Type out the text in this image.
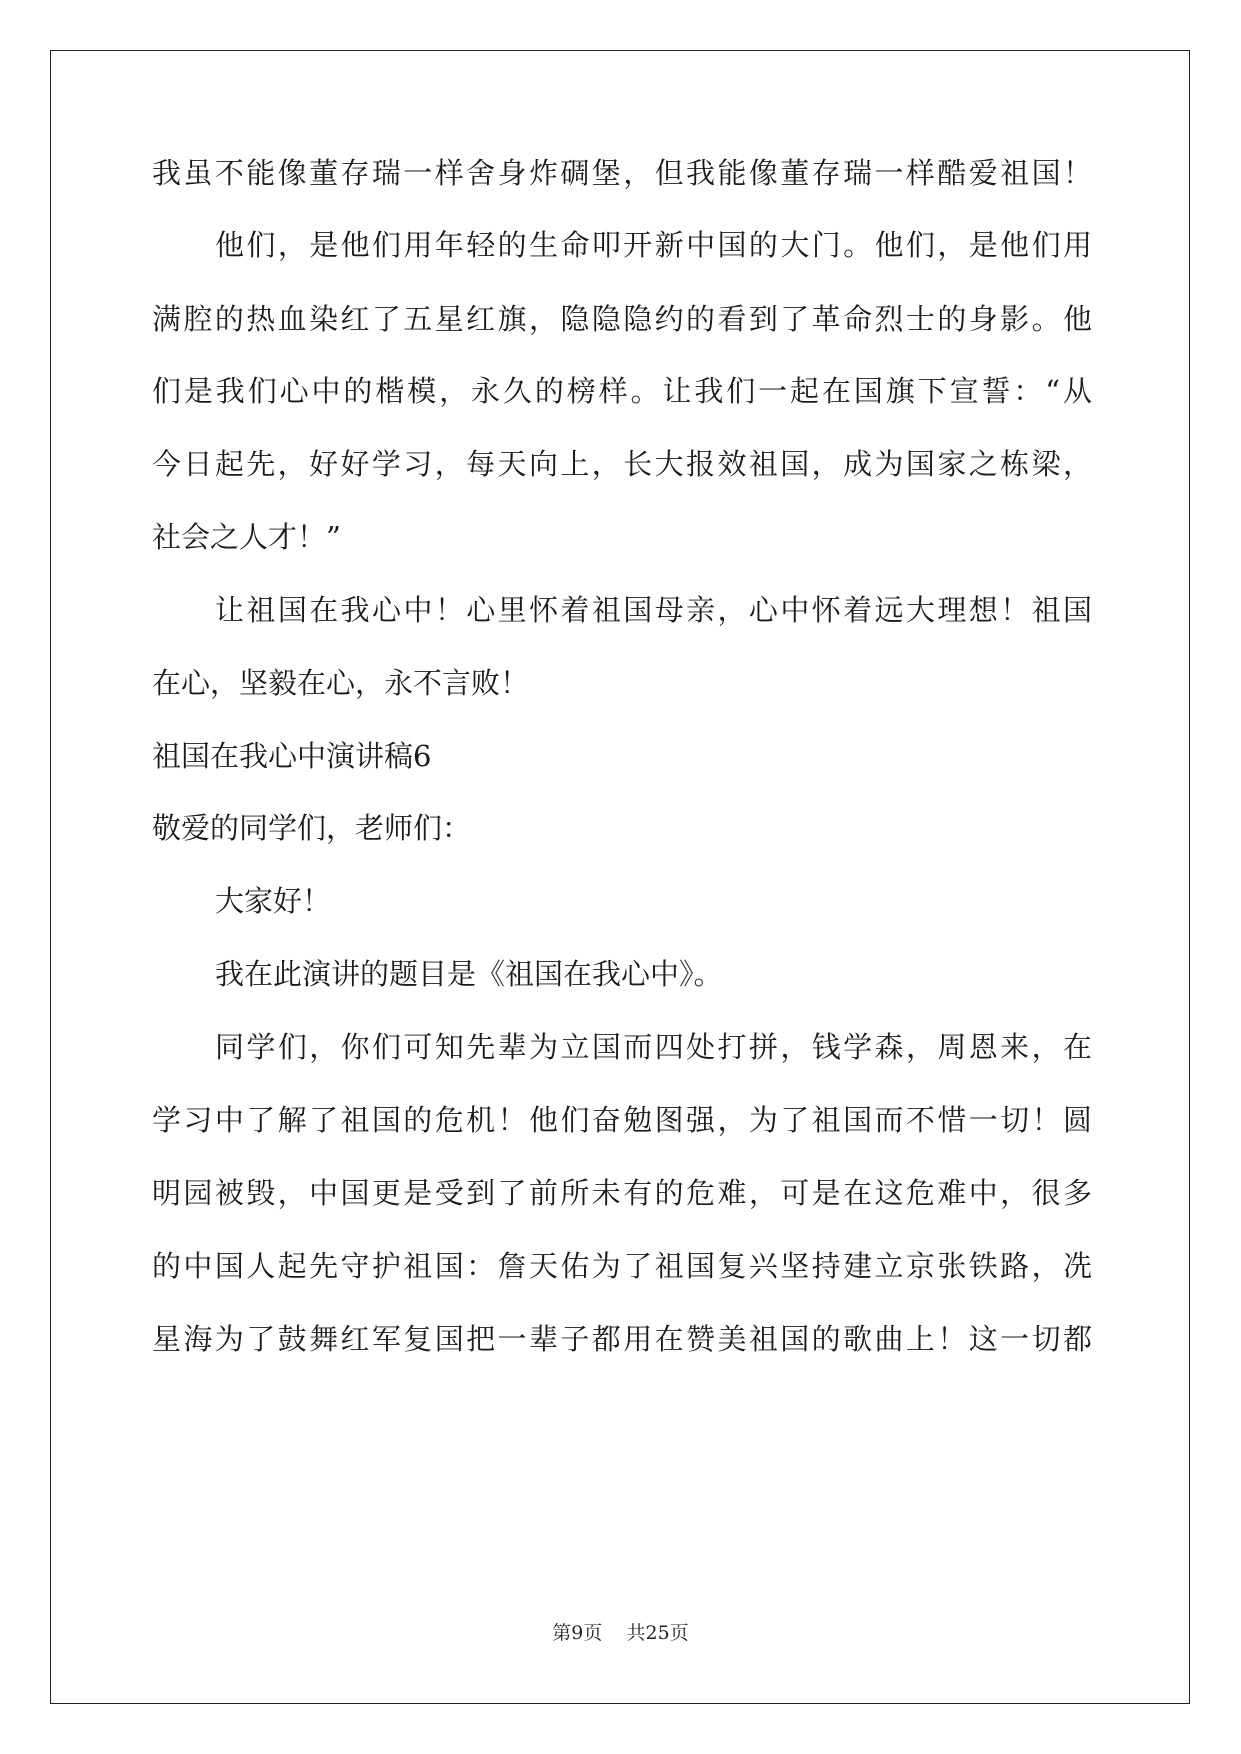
我虽不能像董存瑞一样舍身炸碉堡，但我能像董存瑞一样酷爱祖国！
他们，是他们用年轻的生命叩开新中国的大门。他们，是他们用
满腔的热血染红了五星红旗，隐隐隐约的看到了革命烈士的身影。他
们是我们心中的楷模，永久的榜样。让我们一起在国旗下宣誓：“从
今日起先，好好学习，每天向上，长大报效祖国，成为国家之栋梁，
社会之人才！”
让祖国在我心中！心里怀着祖国母亲，心中怀着远大理想！祖国
在心，坚毅在心，永不言败！
祖国在我心中演讲稿6
敬爱的同学们，老师们：
大家好！
我在此演讲的题目是《祖国在我心中》。
同学们，你们可知先辈为立国而四处打拼，钱学森，周恩来，在
学习中了解了祖国的危机！他们奋勉图强，为了祖国而不惜一切！圆
明园被毁，中国更是受到了前所未有的危难，可是在这危难中，很多
的中国人起先守护祖国：詹天佑为了祖国复兴坚持建立京张铁路，冼
星海为了鼓舞红军复国把一辈子都用在赞美祖国的歌曲上！这一切都
第9页 共25页
